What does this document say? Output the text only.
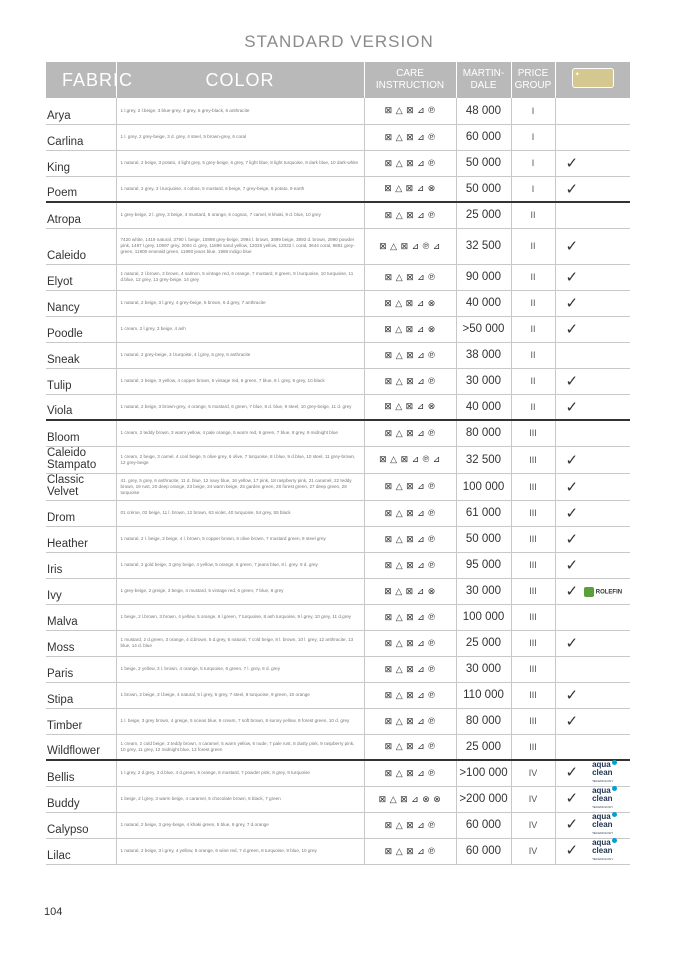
STANDARD VERSION
FABRIC	COLOR	CARE INSTRUCTION	MARTIN-DALE	PRICE GROUP	✦

Arya	1 l.grey, 2 l.beige, 3 blue-grey, 4 grey, 5 grey-black, 6 anthracite	⊠ △ ⊠ ⊿ ℗	48 000	I	
Carlina	1 l. grey, 2 grey-beige, 3 d. grey, 4 steel, 5 brown-grey, 6 coral	⊠ △ ⊠ ⊿ ℗	60 000	I	
King	1 natural, 2 beige, 3 potato, 4 light grey, 5 grey-beige, 6 grey, 7 light blue, 8 light turquoise, 9 dark blue, 10 dark-white	⊠ △ ⊠ ⊿ ℗	50 000	I	✓
Poem	1 natural, 2 grey, 3 l.turquoise, 4 cobos, 5 mustard, 6 beige, 7 grey-beige, 8 potato, 9 earth	⊠ △ ⊠ ⊿ ⊗	50 000	I	✓
Atropa	1 grey-beige, 2 l. grey, 3 beige, 4 mustard, 5 orange, 6 cognac, 7 camel, 8 khaki, 9 d. blue, 10 grey	⊠ △ ⊠ ⊿ ℗	25 000	II	
Caleido	7420 white, 1419 natural, 3790 l. beige, 10898 grey-beige, 2994 l. brown, 3899 beige, 3893 d. brown, 2990 powder pink, 1497 l.grey, 10997 grey, 2004 d. grey, 11896 sand yellow, 12025 yellow, 12032 l. coral, 3644 coral, 9881 grey-green, 11900 emerald green, 11980 jeans blue, 1988 indigo blue	⊠ △ ⊠ ⊿ ℗ ⊿	32 500	II	✓
Elyot	1 natural, 2 l.brown, 3 brown, 4 salmon, 5 vintage red, 6 orange, 7 mustard, 8 green, 9 l.turquoise, 10 turquoise, 11 d.blue, 12 grey, 13 grey-beige, 14 grey	⊠ △ ⊠ ⊿ ℗	90 000	II	✓
Nancy	1 natural, 2 beige, 3 l.grey, 4 grey-beige, 5 brown, 6 d.grey, 7 anthracite	⊠ △ ⊠ ⊿ ⊗	40 000	II	✓
Poodle	1 cream, 2 l.grey, 3 beige, 4 ash	⊠ △ ⊠ ⊿ ⊗	>50 000	II	✓
Sneak	1 natural, 2 grey-beige, 3 l.turqoise, 4 l.grey, 5 grey, 6 anthracite	⊠ △ ⊠ ⊿ ℗	38 000	II	
Tulip	1 natural, 2 beige, 3 yellow, 4 copper brown, 5 vintage red, 6 green, 7 blue, 8 l. grey, 9 grey, 10 black	⊠ △ ⊠ ⊿ ℗	30 000	II	✓
Viola	1 natural, 2 beige, 3 brown-grey, 4 orange, 5 mustard, 6 green, 7 blue, 8 d. blue, 9 steel, 10 grey-beige, 11 d. grey	⊠ △ ⊠ ⊿ ⊗	40 000	II	✓
Bloom	1 cream, 2 teddy brown, 3 warm yellow, 4 pale orange, 5 warm red, 6 green, 7 blue, 8 grey, 9 midnight blue	⊠ △ ⊠ ⊿ ℗	80 000	III	
Caleido Stampato	1 cream, 2 beige, 3 camel, 4 cool beige, 5 olive grey, 6 olive, 7 turquoise, 8 l.blue, 9 d.blue, 10 steel, 11 grey-brown, 12 grey-beige	⊠ △ ⊠ ⊿ ℗ ⊿	32 500	III	✓
Classic Velvet	41. grey, 5 grey, 6 anthracite, 11 d. blue, 12 navy blue, 16 yellow, 17 pink, 18 raspberry pink, 21 caramel, 22 teddy brown, 19 rust, 20 deep orange, 23 beige, 24 warm beige, 25 garden green, 26 forest green, 27 deep green, 28 turquoise	⊠ △ ⊠ ⊿ ℗	100 000	III	✓
Drom	01 crème, 02 beige, 11 l. brown, 12 brown, 63 violet, 40 turquoise, 54 grey, 55 black	⊠ △ ⊠ ⊿ ℗	61 000	III	✓
Heather	1 natural, 2 l. beige, 3 beige, 4 l. brown, 5 copper brown, 6 olive brown, 7 mustard green, 8 steel grey	⊠ △ ⊠ ⊿ ℗	50 000	III	✓
Iris	1 natural, 2 gold beige, 3 grey beige, 4 yellow, 5 orange, 6 green, 7 jeans blue, 8 l. grey, 9 d. grey	⊠ △ ⊠ ⊿ ℗	95 000	III	✓
Ivy	1 grey-beige, 2 greige, 3 beige, 4 mustard, 5 vintage red, 6 green, 7 blue, 8 grey	⊠ △ ⊠ ⊿ ⊗	30 000	III	✓ ROLEFIN
Malva	1 beige, 2 l.brown, 3 brown, 4 yellow, 5 orange, 6 l.green, 7 turquoise, 8 ash turquoise, 9 l.grey, 10 grey, 11 d.grey	⊠ △ ⊠ ⊿ ℗	100 000	III	
Moss	1 mustard, 2 d.green, 3 orange, 4 d.brown, 5 d.grey, 6 natural, 7 cold beige, 8 l. brown, 10 l. grey, 12 anthracite, 13 blue, 14 d. blue	⊠ △ ⊠ ⊿ ℗	25 000	III	✓
Paris	1 beige, 2 yellow, 3 l. brown, 4 orange, 5 turquoise, 6 green, 7 l. grey, 8 d. grey	⊠ △ ⊠ ⊿ ℗	30 000	III	
Stipa	1 brown, 2 beige, 3 l.beige, 4 natural, 5 l.grey, 6 grey, 7 steel, 8 turquoise, 9 green, 10 orange	⊠ △ ⊠ ⊿ ℗	110 000	III	✓
Timber	1 l. beige, 3 grey brown, 4 greige, 5 ocean blue, 6 cream, 7 soft brown, 8 sunny yellow, 9 forest green, 10 d. grey	⊠ △ ⊠ ⊿ ℗	80 000	III	✓
Wildflower	1 cream, 2 cold beige, 3 teddy brown, 4 caramel, 5 warm yellow, 6 nude, 7 pale rust, 8 dusty pink, 9 raspberry pink, 10 grey, 11 grey, 12 midnight blue, 13 forest green	⊠ △ ⊠ ⊿ ℗	25 000	III	
Bellis	1 l.grey, 2 d.grey, 3 d.blue, 4 d.green, 5 orange, 6 mustard, 7 powder pink, 8 grey, 9 turquoise	⊠ △ ⊠ ⊿ ℗	>100 000	IV	✓ aqua
clean
TECHNOLOGY

Buddy	1 beige, 2 l.grey, 3 warm beige, 4 caramel, 5 chocolate brown, 6 black, 7 green	⊠ △ ⊠ ⊿ ⊗ ⊗	>200 000	IV	✓ aqua
clean
TECHNOLOGY

Calypso	1 natural, 2 beige, 3 grey-beige, 4 khaki green, 5 blue, 6 grey, 7 d.orange	⊠ △ ⊠ ⊿ ℗	60 000	IV	✓ aqua
clean
TECHNOLOGY

Lilac	1 natural, 2 beige, 3 l.grey, 4 yellow, 5 orange, 6 wine red, 7 d.green, 8 turquoise, 9 blue, 10 grey	⊠ △ ⊠ ⊿ ℗	60 000	IV	✓ aqua
clean
TECHNOLOGY
104
